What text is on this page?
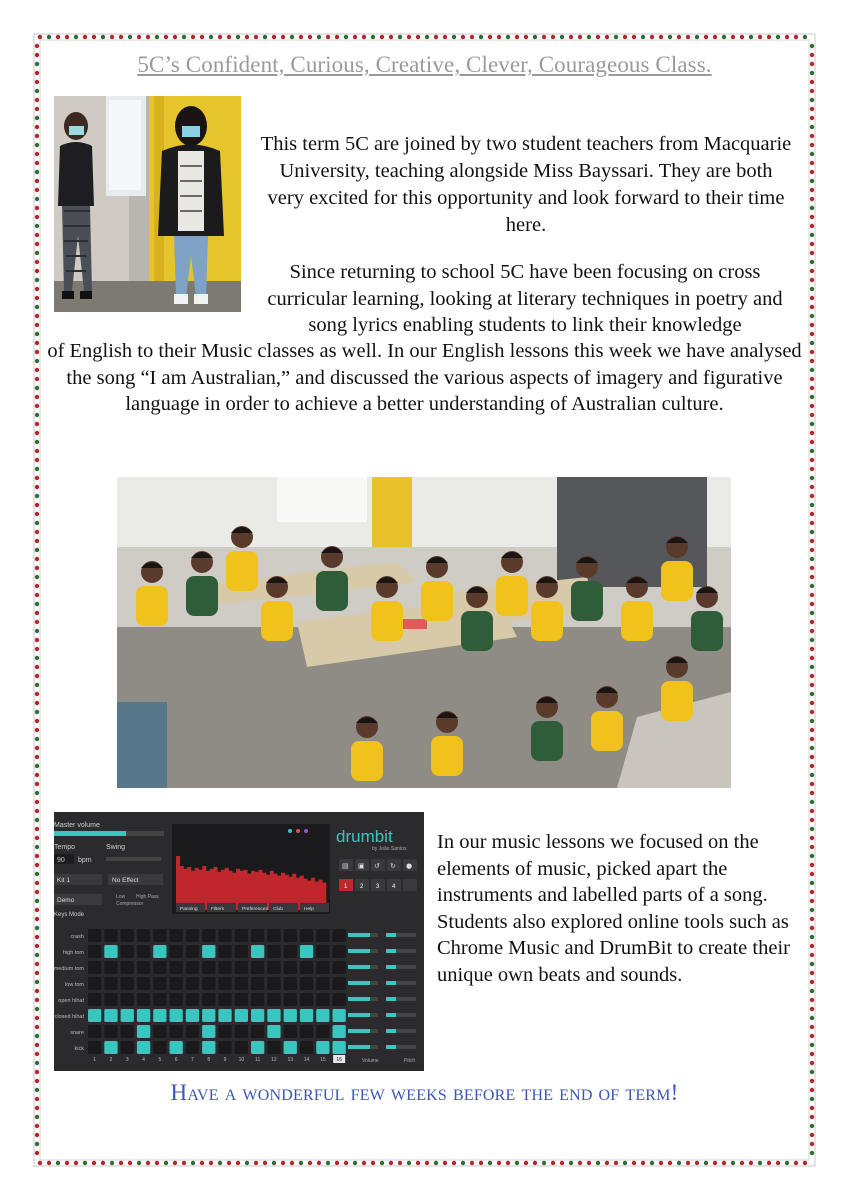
5C’s Confident, Curious, Creative, Clever, Courageous Class.

This term 5C are joined by two student teachers from Macquarie University, teaching alongside Miss Bayssari. They are both very excited for this opportunity and look forward to their time here.

Since returning to school 5C have been focusing on cross curricular learning, looking at literary techniques in poetry and song lyrics enabling students to link their knowledge

of English to their Music classes as well. In our English lessons this week we have analysed the song “I am Australian,” and discussed the various aspects of imagery and figurative language in order to achieve a better understanding of Australian culture.

Master volume
Tempo	Swing
90 bpm
Kit 1	No Effect
Demo	Low High Pass
Compressor
Keys Mode
Panning	Filters	Preferences Club	Help
drumbit
by João Santos
▤ ▣ ↺ ↻ ●
1 2 3 4
crash
high tom
medium tom
low tom
open hihat
closed hihat
snare
kick
1	2	3	4	5	6	7	8	9 10 11 12 13 14 15 16	Volume	Pitch

In our music lessons we focused on the elements of music, picked apart the instruments and labelled parts of a song. Students also explored online tools such as Chrome Music and DrumBit to create their unique own beats and sounds.

Have a wonderful few weeks before the end of term!
